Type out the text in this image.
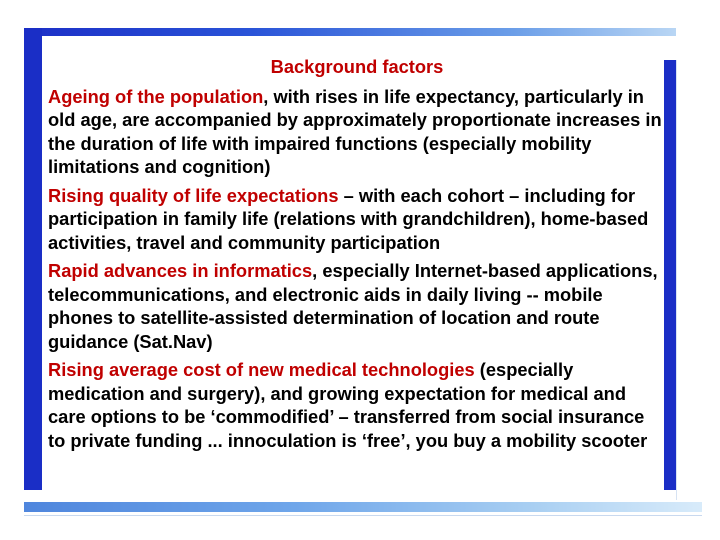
Background factors

Ageing of the population, with rises in life expectancy, particularly in old age, are accompanied by approximately proportionate increases in the duration of life with impaired functions (especially mobility limitations and cognition)

Rising quality of life expectations – with each cohort – including for participation in family life (relations with grandchildren), home-based activities, travel and community participation

Rapid advances in informatics, especially Internet-based applications, telecommunications, and electronic aids in daily living -- mobile phones to satellite-assisted determination of location and route guidance (Sat.Nav)

Rising average cost of new medical technologies (especially medication and surgery), and growing expectation for medical and care options to be ‘commodified’ – transferred from social insurance to private funding ... innoculation is ‘free’, you buy a mobility scooter
